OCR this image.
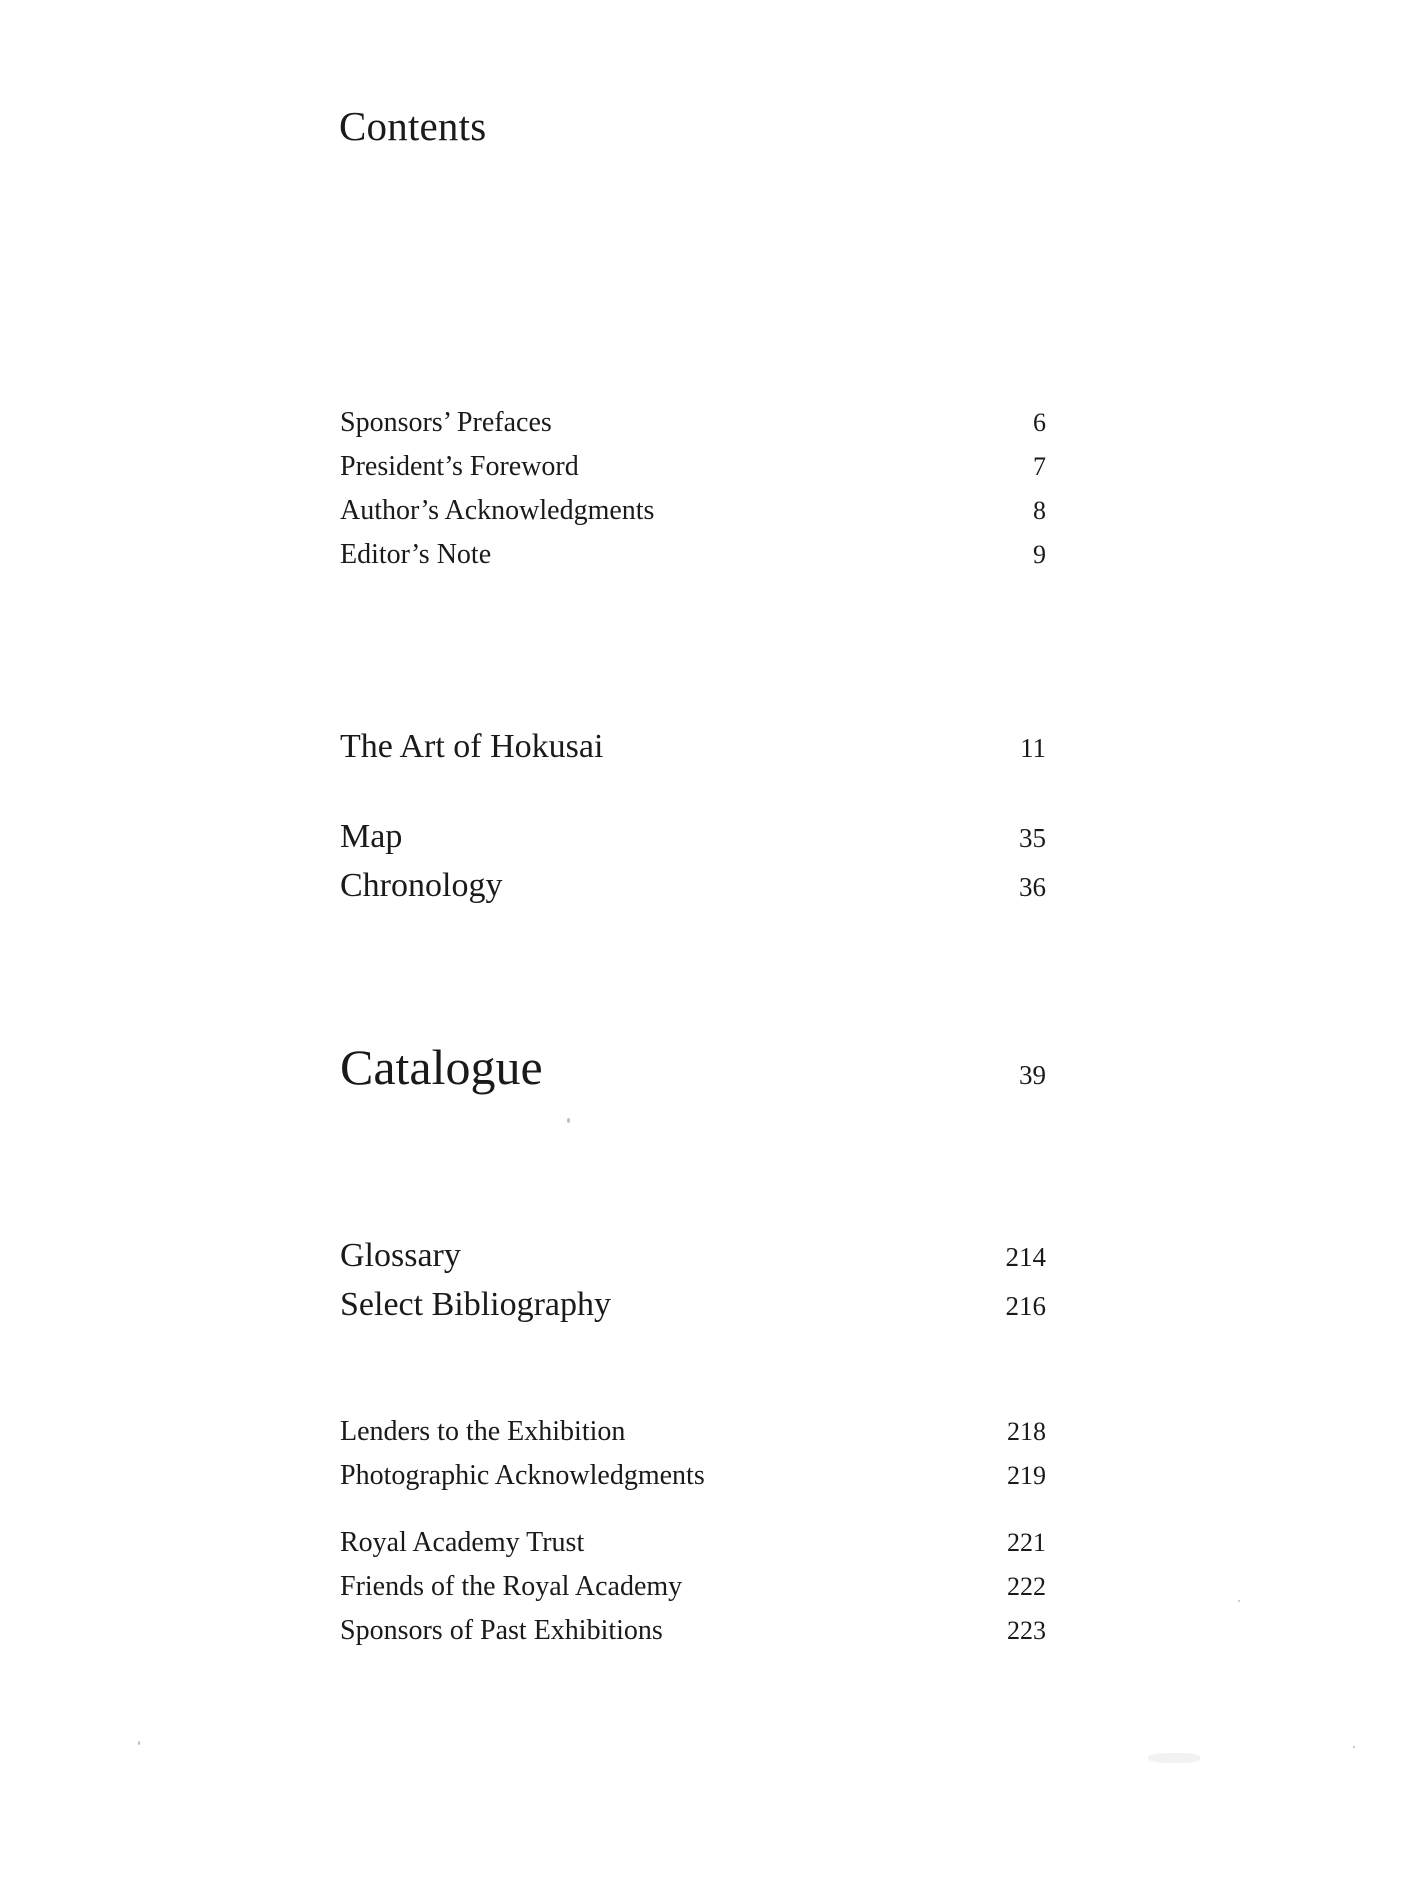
Contents
Sponsors’ Prefaces	6
President’s Foreword	7
Author’s Acknowledgments	8
Editor’s Note	9
The Art of Hokusai	11
Map	35
Chronology	36
Catalogue	39
Glossary	214
Select Bibliography	216
Lenders to the Exhibition	218
Photographic Acknowledgments	219
Royal Academy Trust	221
Friends of the Royal Academy	222
Sponsors of Past Exhibitions	223
